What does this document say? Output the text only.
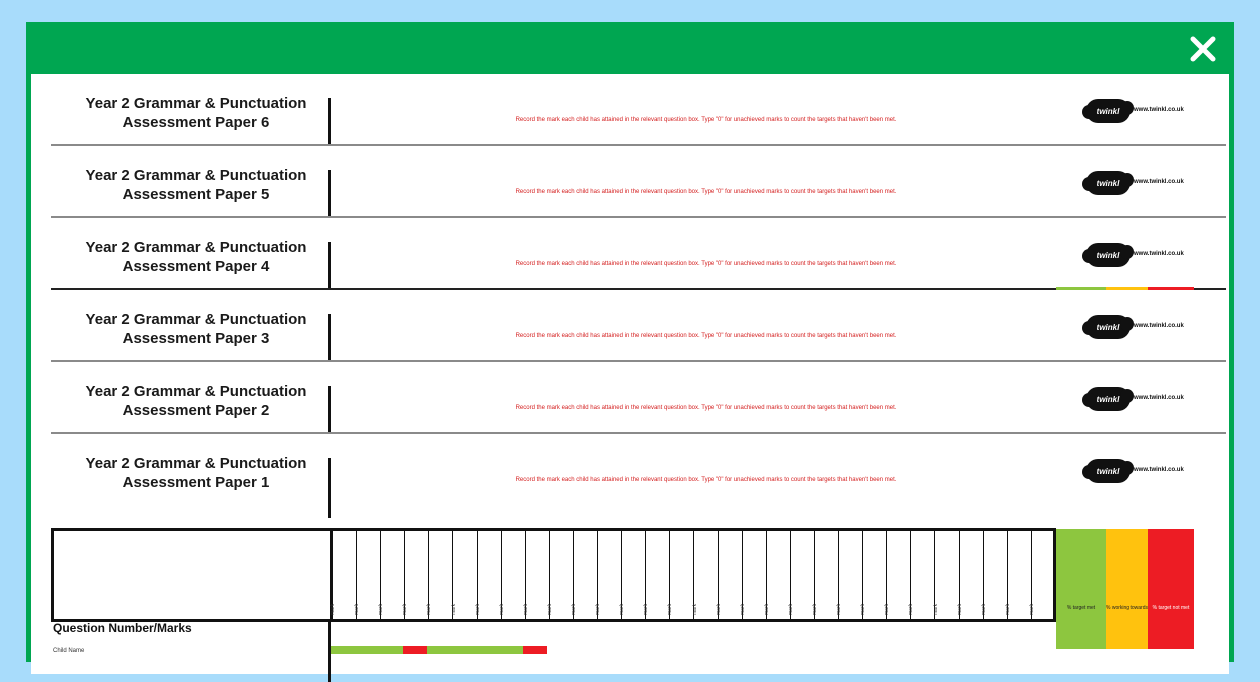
Year 2 Grammar & Punctuation
Assessment Paper 6	Record the mark each child has attained in the relevant question box. Type "0" for unachieved marks to count the targets that haven't been met.
twinkl	www.twinkl.co.uk
Year 2 Grammar & Punctuation
Assessment Paper 5	Record the mark each child has attained in the relevant question box. Type "0" for unachieved marks to count the targets that haven't been met.
twinkl	www.twinkl.co.uk
Year 2 Grammar & Punctuation
Assessment Paper 4	Record the mark each child has attained in the relevant question box. Type "0" for unachieved marks to count the targets that haven't been met.
twinkl	www.twinkl.co.uk
Year 2 Grammar & Punctuation
Assessment Paper 3	Record the mark each child has attained in the relevant question box. Type "0" for unachieved marks to count the targets that haven't been met.
twinkl	www.twinkl.co.uk
Year 2 Grammar & Punctuation
Assessment Paper 2	Record the mark each child has attained in the relevant question box. Type "0" for unachieved marks to count the targets that haven't been met.
twinkl	www.twinkl.co.uk
Year 2 Grammar & Punctuation
Assessment Paper 1	Record the mark each child has attained in the relevant question box. Type "0" for unachieved marks to count the targets that haven't been met.
twinkl	www.twinkl.co.uk
mark	mark	mark	mark	mark	mark	mark	mark	mark	mark	mark	mark	mark	mark	mark	mark	mark	mark	mark	mark	mark	mark	mark	mark	mark	mark	mark	mark	mark	mark	% target met	% working towards % target not met
Question Number/Marks
Child Name
